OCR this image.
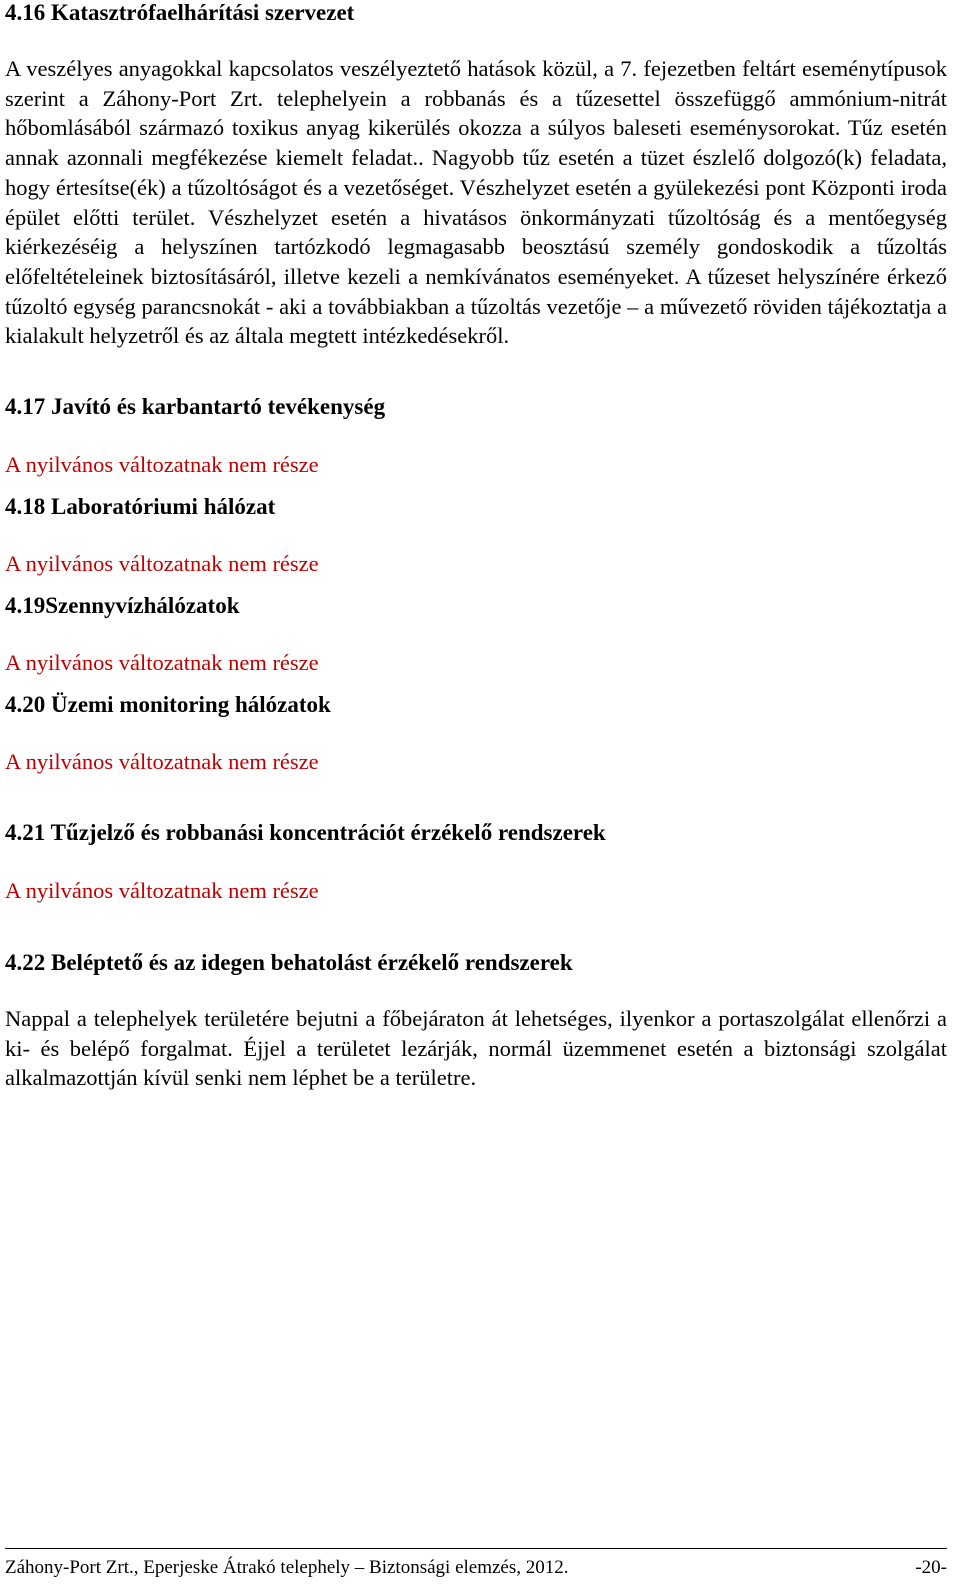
4.16 Katasztrófaelhárítási szervezet

A veszélyes anyagokkal kapcsolatos veszélyeztető hatások közül, a 7. fejezetben feltárt eseménytípusok szerint a Záhony-Port Zrt. telephelyein a robbanás és a tűzesettel összefüggő ammónium-nitrát hőbomlásából származó toxikus anyag kikerülés okozza a súlyos baleseti eseménysorokat. Tűz esetén annak azonnali megfékezése kiemelt feladat.. Nagyobb tűz esetén a tüzet észlelő dolgozó(k) feladata, hogy értesítse(ék) a tűzoltóságot és a vezetőséget. Vészhelyzet esetén a gyülekezési pont Központi iroda épület előtti terület. Vészhelyzet esetén a hivatásos önkormányzati tűzoltóság és a mentőegység kiérkezéséig a helyszínen tartózkodó legmagasabb beosztású személy gondoskodik a tűzoltás előfeltételeinek biztosításáról, illetve kezeli a nemkívánatos eseményeket. A tűzeset helyszínére érkező tűzoltó egység parancsnokát - aki a továbbiakban a tűzoltás vezetője – a művezető röviden tájékoztatja a kialakult helyzetről és az általa megtett intézkedésekről.

4.17 Javító és karbantartó tevékenység
A nyilvános változatnak nem része
4.18 Laboratóriumi hálózat
A nyilvános változatnak nem része
4.19Szennyvízhálózatok
A nyilvános változatnak nem része
4.20 Üzemi monitoring hálózatok
A nyilvános változatnak nem része
4.21 Tűzjelző és robbanási koncentrációt érzékelő rendszerek
A nyilvános változatnak nem része
4.22 Beléptető és az idegen behatolást érzékelő rendszerek

Nappal a telephelyek területére bejutni a főbejáraton át lehetséges, ilyenkor a portaszolgálat ellenőrzi a ki- és belépő forgalmat. Éjjel a területet lezárják, normál üzemmenet esetén a biztonsági szolgálat alkalmazottján kívül senki nem léphet be a területre.

Záhony-Port Zrt., Eperjeske Átrakó telephely – Biztonsági elemzés, 2012.	-20-
